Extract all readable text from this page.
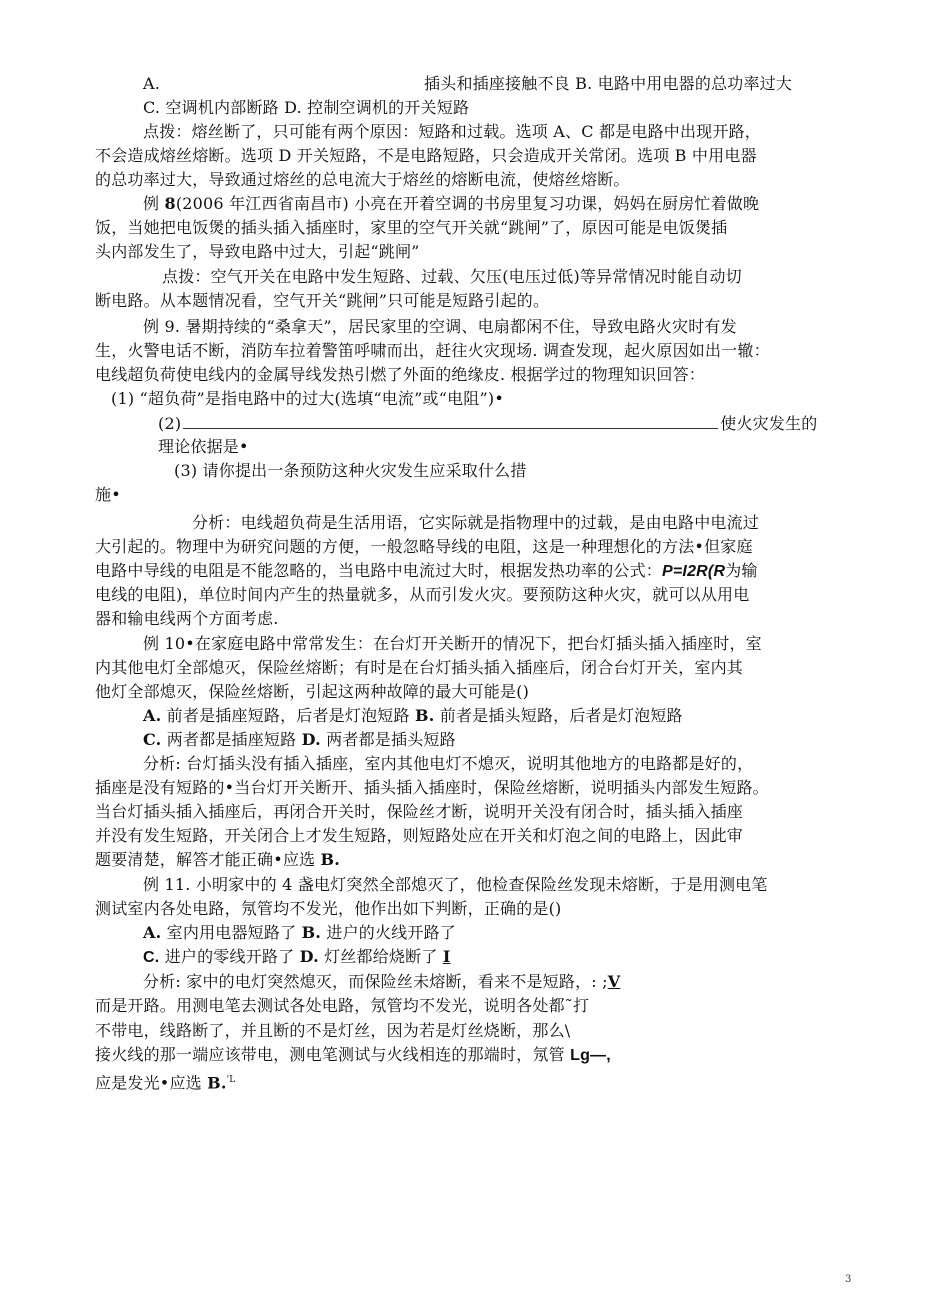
A.	插头和插座接触不良 B. 电路中用电器的总功率过大
C. 空调机内部断路 D. 控制空调机的开关短路
点拨：熔丝断了，只可能有两个原因：短路和过载。选项 A、C 都是电路中出现开路，
不会造成熔丝熔断。选项 D 开关短路，不是电路短路，只会造成开关常闭。选项 B 中用电器
的总功率过大，导致通过熔丝的总电流大于熔丝的熔断电流，使熔丝熔断。
例 8(2006 年江西省南昌市) 小亮在开着空调的书房里复习功课，妈妈在厨房忙着做晚
饭，当她把电饭煲的插头插入插座时，家里的空气开关就“跳闸”了，原因可能是电饭煲插
头内部发生了，导致电路中过大，引起“跳闸”
点拨：空气开关在电路中发生短路、过载、欠压(电压过低)等异常情况时能自动切
断电路。从本题情况看，空气开关“跳闸”只可能是短路引起的。
例 9. 暑期持续的“桑拿天”，居民家里的空调、电扇都闲不住，导致电路火灾时有发
生，火警电话不断，消防车拉着警笛呼啸而出，赶往火灾现场. 调查发现，起火原因如出一辙：
电线超负荷使电线内的金属导线发热引燃了外面的绝缘皮. 根据学过的物理知识回答：
(1) “超负荷”是指电路中的过大(选填“电流”或“电阻”)•
(2)	使火灾发生的
理论依据是•
(3) 请你提出一条预防这种火灾发生应采取什么措
施•
分析：电线超负荷是生活用语，它实际就是指物理中的过载，是由电路中电流过
大引起的。物理中为研究问题的方便，一般忽略导线的电阻，这是一种理想化的方法•但家庭
电路中导线的电阻是不能忽略的，当电路中电流过大时，根据发热功率的公式：P=I2R(R为输
电线的电阻)，单位时间内产生的热量就多，从而引发火灾。要预防这种火灾，就可以从用电
器和输电线两个方面考虑.
例 10•在家庭电路中常常发生：在台灯开关断开的情况下，把台灯插头插入插座时，室
内其他电灯全部熄灭，保险丝熔断；有时是在台灯插头插入插座后，闭合台灯开关，室内其
他灯全部熄灭，保险丝熔断，引起这两种故障的最大可能是()
A. 前者是插座短路，后者是灯泡短路 B. 前者是插头短路，后者是灯泡短路
C. 两者都是插座短路 D. 两者都是插头短路
分析: 台灯插头没有插入插座，室内其他电灯不熄灭，说明其他地方的电路都是好的，
插座是没有短路的•当台灯开关断开、插头插入插座时，保险丝熔断，说明插头内部发生短路。
当台灯插头插入插座后，再闭合开关时，保险丝才断，说明开关没有闭合时，插头插入插座
并没有发生短路，开关闭合上才发生短路，则短路处应在开关和灯泡之间的电路上，因此审
题要清楚，解答才能正确•应选 B.
例 11. 小明家中的 4 盏电灯突然全部熄灭了，他检查保险丝发现未熔断，于是用测电笔
测试室内各处电路，氖管均不发光，他作出如下判断，正确的是()
A. 室内用电器短路了 B. 进户的火线开路了
C. 进户的零线开路了 D. 灯丝都给烧断了 I
分析: 家中的电灯突然熄灭，而保险丝未熔断，看来不是短路，: ;V
而是开路。用测电笔去测试各处电路，氖管均不发光，说明各处都˜打
不带电，线路断了，并且断的不是灯丝，因为若是灯丝烧断，那么\
接火线的那一端应该带电，测电笔测试与火线相连的那端时，氖管 Lg—,
应是发光•应选 B.$^{'L}$
3
